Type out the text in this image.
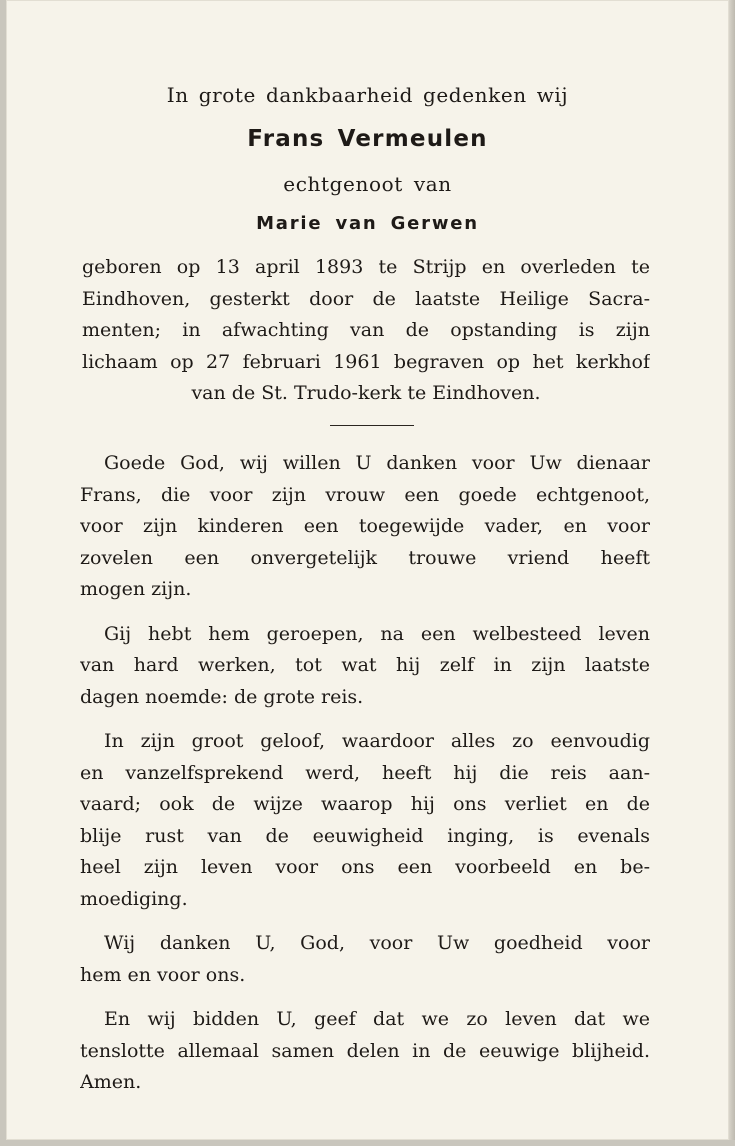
In grote dankbaarheid gedenken wij
Frans Vermeulen
echtgenoot van
Marie van Gerwen
geboren op 13 april 1893 te Strijp en overleden te
Eindhoven, gesterkt door de laatste Heilige Sacra-
menten; in afwachting van de opstanding is zijn
lichaam op 27 februari 1961 begraven op het kerkhof
van de St. Trudo-kerk te Eindhoven.
Goede God, wij willen U danken voor Uw dienaar
Frans, die voor zijn vrouw een goede echtgenoot,
voor zijn kinderen een toegewijde vader, en voor
zovelen een onvergetelijk trouwe vriend heeft
mogen zijn.
Gij hebt hem geroepen, na een welbesteed leven
van hard werken, tot wat hij zelf in zijn laatste
dagen noemde: de grote reis.
In zijn groot geloof, waardoor alles zo eenvoudig
en vanzelfsprekend werd, heeft hij die reis aan-
vaard; ook de wijze waarop hij ons verliet en de
blije rust van de eeuwigheid inging, is evenals
heel zijn leven voor ons een voorbeeld en be-
moediging.
Wij danken U, God, voor Uw goedheid voor
hem en voor ons.
En wij bidden U, geef dat we zo leven dat we
tenslotte allemaal samen delen in de eeuwige blijheid.
Amen.
